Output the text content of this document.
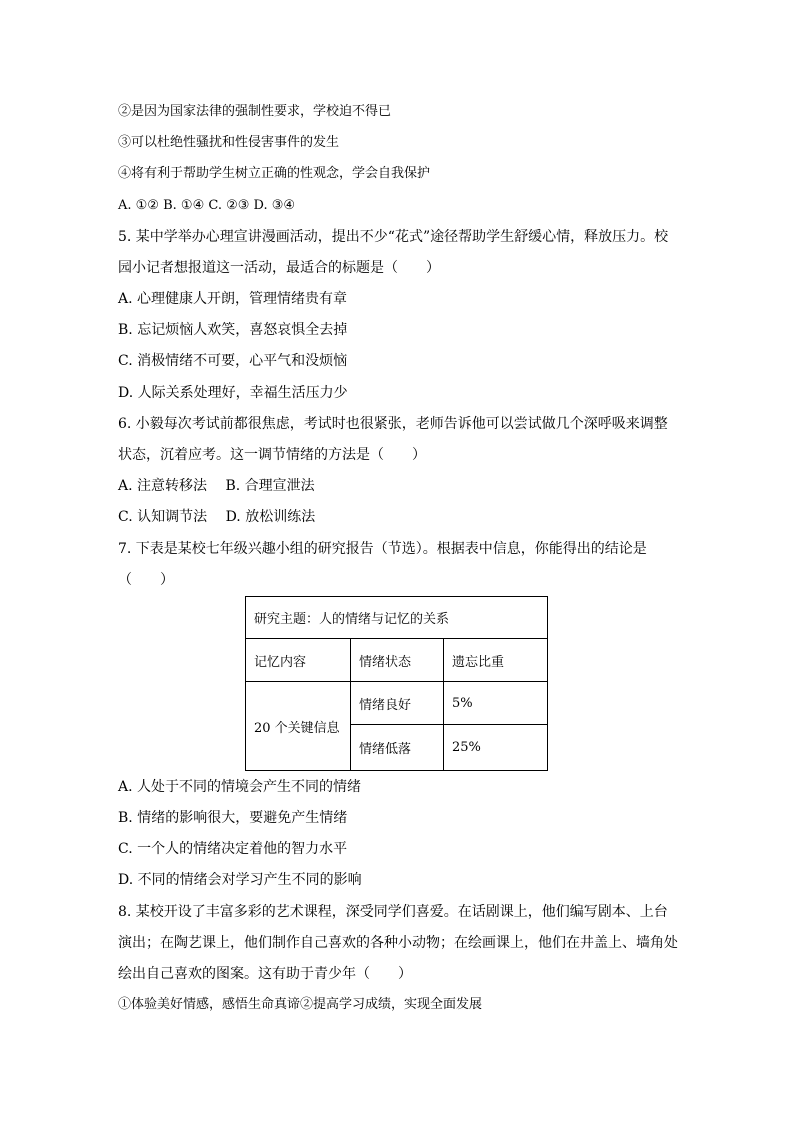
②是因为国家法律的强制性要求，学校迫不得已
③可以杜绝性骚扰和性侵害事件的发生
④将有利于帮助学生树立正确的性观念，学会自我保护
A. ①② B. ①④ C. ②③ D. ③④
5. 某中学举办心理宣讲漫画活动，提出不少“花式”途径帮助学生舒缓心情，释放压力。校
园小记者想报道这一活动，最适合的标题是（　　）
A. 心理健康人开朗，管理情绪贵有章
B. 忘记烦恼人欢笑，喜怒哀惧全去掉
C. 消极情绪不可要，心平气和没烦恼
D. 人际关系处理好，幸福生活压力少
6. 小毅每次考试前都很焦虑，考试时也很紧张，老师告诉他可以尝试做几个深呼吸来调整
状态，沉着应考。这一调节情绪的方法是（　　）
A. 注意转移法　 B. 合理宣泄法
C. 认知调节法　 D. 放松训练法
7. 下表是某校七年级兴趣小组的研究报告（节选）。根据表中信息，你能得出的结论是
（　　）
研究主题：人的情绪与记忆的关系		
记忆内容	情绪状态	遗忘比重
20 个关键信息	情绪良好	5%
	情绪低落	25%
A. 人处于不同的情境会产生不同的情绪
B. 情绪的影响很大，要避免产生情绪
C. 一个人的情绪决定着他的智力水平
D. 不同的情绪会对学习产生不同的影响
8. 某校开设了丰富多彩的艺术课程，深受同学们喜爱。在话剧课上，他们编写剧本、上台
演出；在陶艺课上，他们制作自己喜欢的各种小动物；在绘画课上，他们在井盖上、墙角处
绘出自己喜欢的图案。这有助于青少年（　　）
①体验美好情感，感悟生命真谛②提高学习成绩，实现全面发展
